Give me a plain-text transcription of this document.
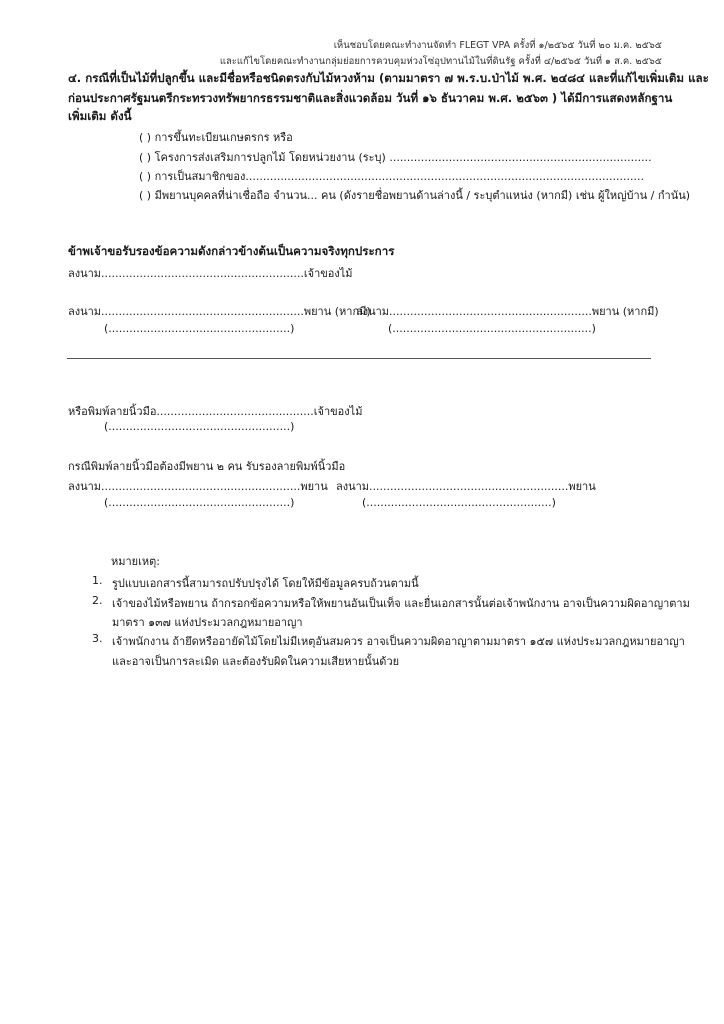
เห็นชอบโดยคณะทำงานจัดทำ FLEGT VPA ครั้งที่ ๑/๒๕๖๕ วันที่ ๒๐ ม.ค. ๒๕๖๕
และแก้ไขโดยคณะทำงานกลุ่มย่อยการควบคุมห่วงโซ่อุปทานไม้ในที่ดินรัฐ ครั้งที่ ๔/๒๕๖๕ วันที่ ๑ ส.ค. ๒๕๖๕
๔. กรณีที่เป็นไม้ที่ปลูกขึ้น และมีชื่อหรือชนิดตรงกับไม้หวงห้าม (ตามมาตรา ๗ พ.ร.บ.ป่าไม้ พ.ศ. ๒๔๘๔ และที่แก้ไขเพิ่มเติม และ
ก่อนประกาศรัฐมนตรีกระทรวงทรัพยากรธรรมชาติและสิ่งแวดล้อม วันที่ ๑๖ ธันวาคม พ.ศ. ๒๕๖๓ ) ได้มีการแสดงหลักฐาน
เพิ่มเติม ดังนี้
( ) การขึ้นทะเบียนเกษตรกร หรือ
( ) โครงการส่งเสริมการปลูกไม้ โดยหน่วยงาน (ระบุ) ...........................................................................
( ) การเป็นสมาชิกของ..................................................................................................................
( ) มีพยานบุคคลที่น่าเชื่อถือ จำนวน... คน (ดังรายชื่อพยานด้านล่างนี้ / ระบุตำแหน่ง (หากมี) เช่น ผู้ใหญ่บ้าน / กำนัน)
ข้าพเจ้าขอรับรองข้อความดังกล่าวข้างต้นเป็นความจริงทุกประการ
ลงนาม..........................................................เจ้าของไม้
ลงนาม..........................................................พยาน (หากมี)
(....................................................)
ลงนาม..........................................................พยาน (หากมี)
(.........................................................)
หรือพิมพ์ลายนิ้วมือ.............................................เจ้าของไม้
(....................................................)
กรณีพิมพ์ลายนิ้วมือต้องมีพยาน ๒ คน รับรองลายพิมพ์นิ้วมือ
ลงนาม.........................................................พยาน
(....................................................)
ลงนาม.........................................................พยาน
(.....................................................)
หมายเหตุ:
1. รูปแบบเอกสารนี้สามารถปรับปรุงได้ โดยให้มีข้อมูลครบถ้วนตามนี้
2. เจ้าของไม้หรือพยาน ถ้ากรอกข้อความหรือให้พยานอันเป็นเท็จ และยื่นเอกสารนั้นต่อเจ้าพนักงาน อาจเป็นความผิดอาญาตาม
มาตรา ๑๓๗ แห่งประมวลกฎหมายอาญา
3. เจ้าพนักงาน ถ้ายึดหรืออายัดไม้โดยไม่มีเหตุอันสมควร อาจเป็นความผิดอาญาตามมาตรา ๑๕๗ แห่งประมวลกฎหมายอาญา
และอาจเป็นการละเมิด และต้องรับผิดในความเสียหายนั้นด้วย
